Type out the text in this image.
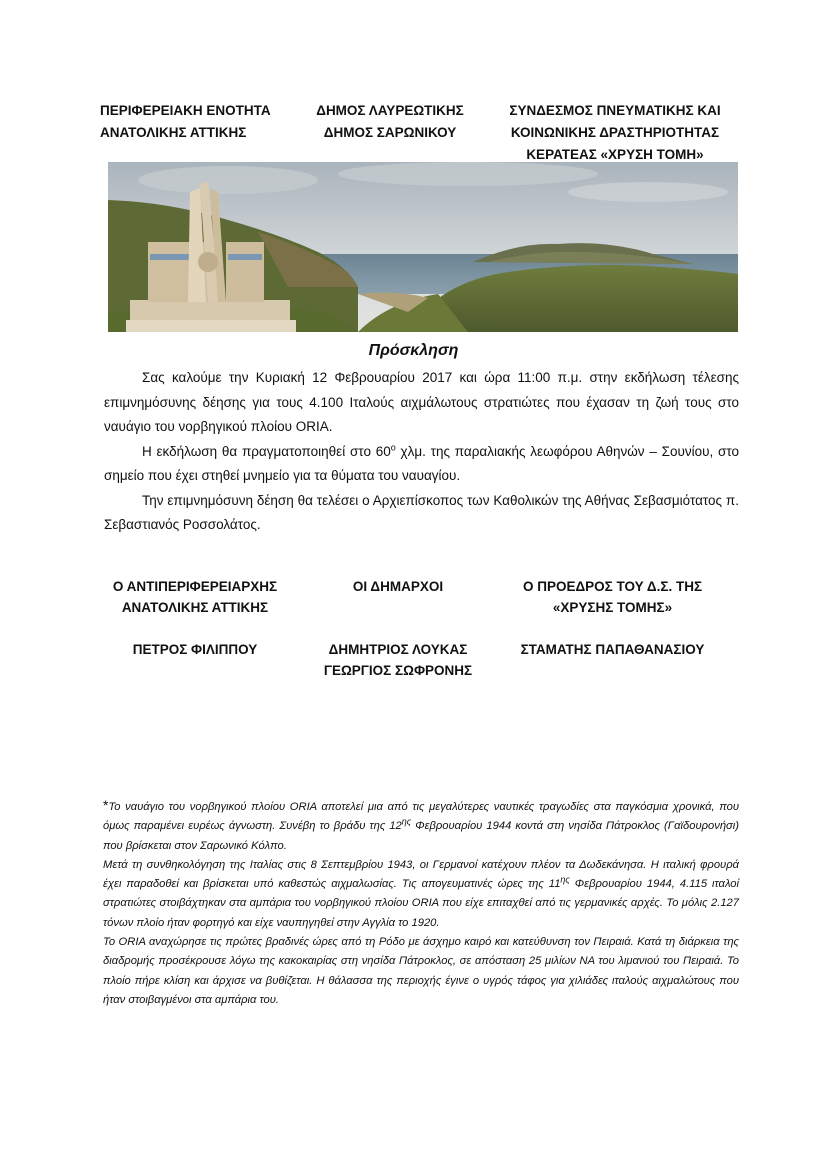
ΠΕΡΙΦΕΡΕΙΑΚΗ ΕΝΟΤΗΤΑ
ΑΝΑΤΟΛΙΚΗΣ ΑΤΤΙΚΗΣ
ΔΗΜΟΣ ΛΑΥΡΕΩΤΙΚΗΣ
ΔΗΜΟΣ ΣΑΡΩΝΙΚΟΥ
ΣΥΝΔΕΣΜΟΣ ΠΝΕΥΜΑΤΙΚΗΣ ΚΑΙ
ΚΟΙΝΩΝΙΚΗΣ ΔΡΑΣΤΗΡΙΟΤΗΤΑΣ
ΚΕΡΑΤΕΑΣ «ΧΡΥΣΗ ΤΟΜΗ»
Πρόσκληση

Σας καλούμε την Κυριακή 12 Φεβρουαρίου 2017 και ώρα 11:00 π.μ. στην εκδήλωση τέλεσης επιμνημόσυνης δέησης για τους 4.100 Ιταλούς αιχμάλωτους στρατιώτες που έχασαν τη ζωή τους στο ναυάγιο του νορβηγικού πλοίου ORIA.

Η εκδήλωση θα πραγματοποιηθεί στο $60^o$ χλμ. της παραλιακής λεωφόρου Αθηνών – Σουνίου, στο σημείο που έχει στηθεί μνημείο για τα θύματα του ναυαγίου.

Την επιμνημόσυνη δέηση θα τελέσει ο Αρχιεπίσκοπος των Καθολικών της Αθήνας Σεβασμιότατος π. Σεβαστιανός Ροσσολάτος.

Ο ΑΝΤΙΠΕΡΙΦΕΡΕΙΑΡΧΗΣ
ΑΝΑΤΟΛΙΚΗΣ ΑΤΤΙΚΗΣ
ΠΕΤΡΟΣ ΦΙΛΙΠΠΟΥ
ΟΙ ΔΗΜΑΡΧΟΙ
ΔΗΜΗΤΡΙΟΣ ΛΟΥΚΑΣ
ΓΕΩΡΓΙΟΣ ΣΩΦΡΟΝΗΣ
Ο ΠΡΟΕΔΡΟΣ ΤΟΥ Δ.Σ. ΤΗΣ
«ΧΡΥΣΗΣ ΤΟΜΗΣ»
ΣΤΑΜΑΤΗΣ ΠΑΠΑΘΑΝΑΣΙΟΥ

*Το ναυάγιο του νορβηγικού πλοίου ORIA αποτελεί μια από τις μεγαλύτερες ναυτικές τραγωδίες στα παγκόσμια χρονικά, που όμως παραμένει ευρέως άγνωστη. Συνέβη το βράδυ της $12^{\eta\varsigma}$ Φεβρουαρίου 1944 κοντά στη νησίδα Πάτροκλος (Γαϊδουρονήσι) που βρίσκεται στον Σαρωνικό Κόλπο.

Μετά τη συνθηκολόγηση της Ιταλίας στις 8 Σεπτεμβρίου 1943, οι Γερμανοί κατέχουν πλέον τα Δωδεκάνησα. Η ιταλική φρουρά έχει παραδοθεί και βρίσκεται υπό καθεστώς αιχμαλωσίας. Τις απογευματινές ώρες της $11^{\eta\varsigma}$ Φεβρουαρίου 1944, 4.115 ιταλοί στρατιώτες στοιβάχτηκαν στα αμπάρια του νορβηγικού πλοίου ORIA που είχε επιταχθεί από τις γερμανικές αρχές. Το μόλις 2.127 τόνων πλοίο ήταν φορτηγό και είχε ναυπηγηθεί στην Αγγλία το 1920.

Το ORIA αναχώρησε τις πρώτες βραδινές ώρες από τη Ρόδο με άσχημο καιρό και κατεύθυνση τον Πειραιά. Κατά τη διάρκεια της διαδρομής προσέκρουσε λόγω της κακοκαιρίας στη νησίδα Πάτροκλος, σε απόσταση 25 μιλίων ΝΑ του λιμανιού του Πειραιά. Το πλοίο πήρε κλίση και άρχισε να βυθίζεται. Η θάλασσα της περιοχής έγινε ο υγρός τάφος για χιλιάδες ιταλούς αιχμαλώτους που ήταν στοιβαγμένοι στα αμπάρια του.
